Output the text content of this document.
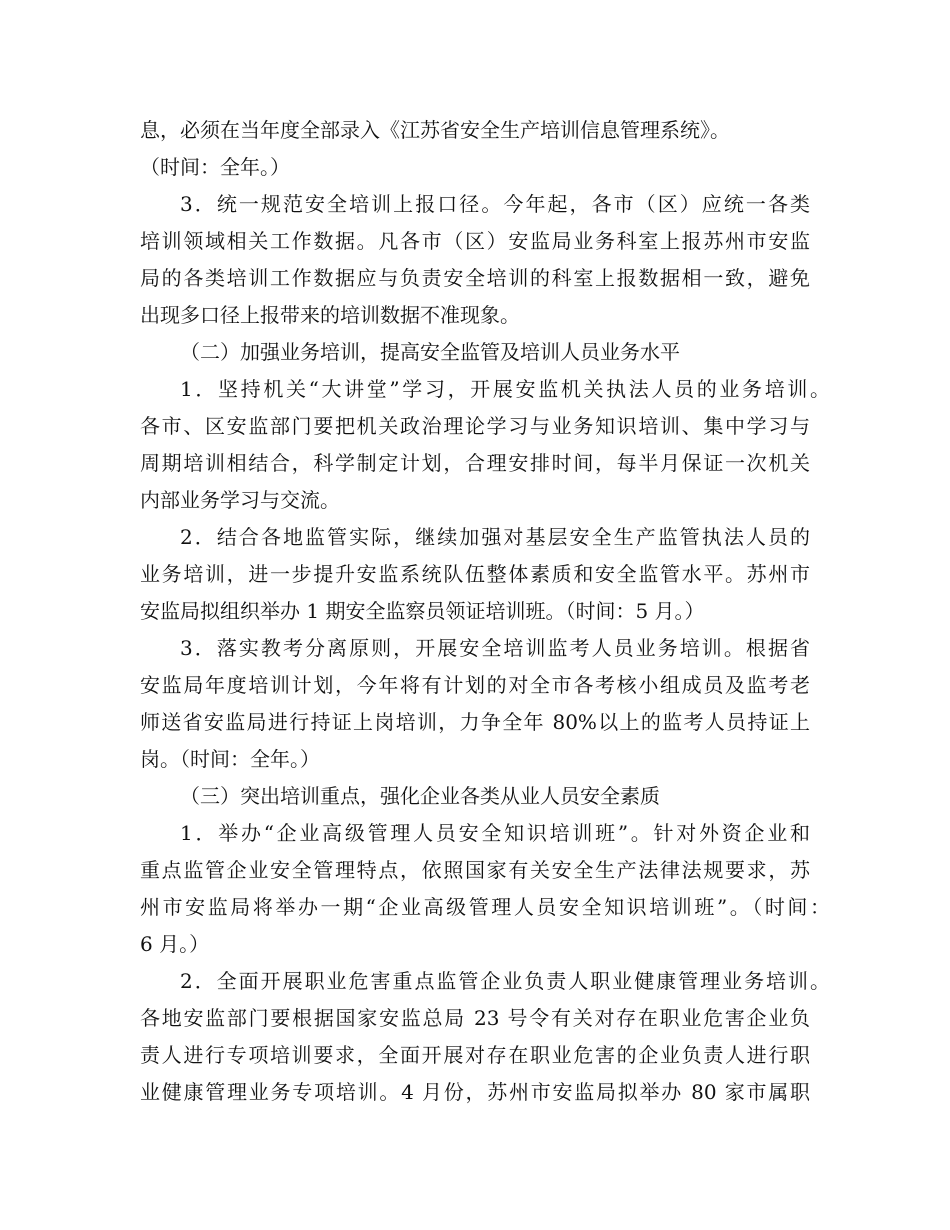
息，必须在当年度全部录入《江苏省安全生产培训信息管理系统》。
（时间：全年。）
3．统一规范安全培训上报口径。今年起，各市（区）应统一各类
培训领域相关工作数据。凡各市（区）安监局业务科室上报苏州市安监
局的各类培训工作数据应与负责安全培训的科室上报数据相一致，避免
出现多口径上报带来的培训数据不准现象。
（二）加强业务培训，提高安全监管及培训人员业务水平
1．坚持机关“大讲堂”学习，开展安监机关执法人员的业务培训。
各市、区安监部门要把机关政治理论学习与业务知识培训、集中学习与
周期培训相结合，科学制定计划，合理安排时间，每半月保证一次机关
内部业务学习与交流。
2．结合各地监管实际，继续加强对基层安全生产监管执法人员的
业务培训，进一步提升安监系统队伍整体素质和安全监管水平。苏州市
安监局拟组织举办 1 期安全监察员领证培训班。（时间：5 月。）
3．落实教考分离原则，开展安全培训监考人员业务培训。根据省
安监局年度培训计划，今年将有计划的对全市各考核小组成员及监考老
师送省安监局进行持证上岗培训，力争全年 80%以上的监考人员持证上
岗。（时间：全年。）
（三）突出培训重点，强化企业各类从业人员安全素质
1．举办“企业高级管理人员安全知识培训班”。针对外资企业和
重点监管企业安全管理特点，依照国家有关安全生产法律法规要求，苏
州市安监局将举办一期“企业高级管理人员安全知识培训班”。（时间：
6 月。）
2．全面开展职业危害重点监管企业负责人职业健康管理业务培训。
各地安监部门要根据国家安监总局 23 号令有关对存在职业危害企业负
责人进行专项培训要求，全面开展对存在职业危害的企业负责人进行职
业健康管理业务专项培训。4 月份，苏州市安监局拟举办 80 家市属职
